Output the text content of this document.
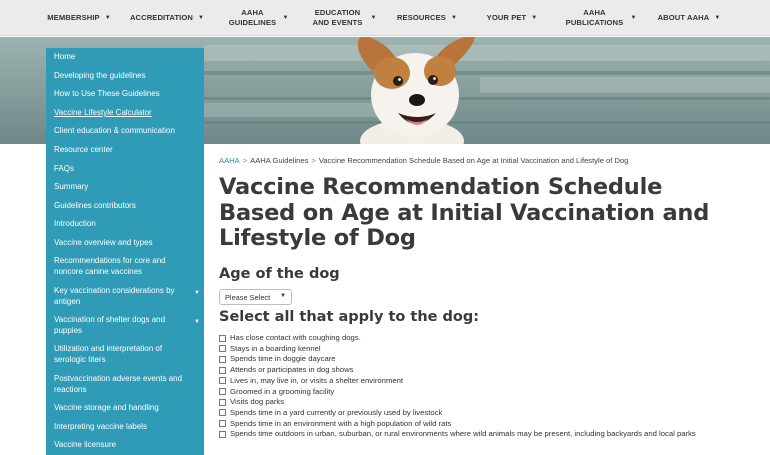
MEMBERSHIP ▼	ACCREDITATION ▼
AAHA GUIDELINES ▼
EDUCATION AND EVENTS	▼	RESOURCES ▼	YOUR PET ▼
AAHA PUBLICATIONS	▼	ABOUT AAHA ▼
Home
Developing the guidelines
How to Use These Guidelines
Vaccine Lifestyle Calculator
Client education & communication
Resource center
FAQs
Summary
Guidelines contributors
Introduction
Vaccine overview and types
Recommendations for core and noncore canine vaccines
Key vaccination considerations by antigen
▼
Vaccination of shelter dogs and puppies
▼
Utilization and interpretation of serologic titers
Postvaccination adverse events and reactions
Vaccine storage and handling
Interpreting vaccine labels
Vaccine licensure
AAHA > AAHA Guidelines > Vaccine Recommendation Schedule Based on Age at Initial Vaccination and Lifestyle of Dog
Vaccine Recommendation Schedule Based on Age at Initial Vaccination and Lifestyle of Dog
Age of the dog
Please Select ▼
Select all that apply to the dog:
Has close contact with coughing dogs.
Stays in a boarding kennel
Spends time in doggie daycare
Attends or participates in dog shows
Lives in, may live in, or visits a shelter environment
Groomed in a grooming facility
Visits dog parks
Spends time in a yard currently or previously used by livestock
Spends time in an environment with a high population of wild rats
Spends time outdoors in urban, suburban, or rural environments where wild animals may be present, including backyards and local parks
